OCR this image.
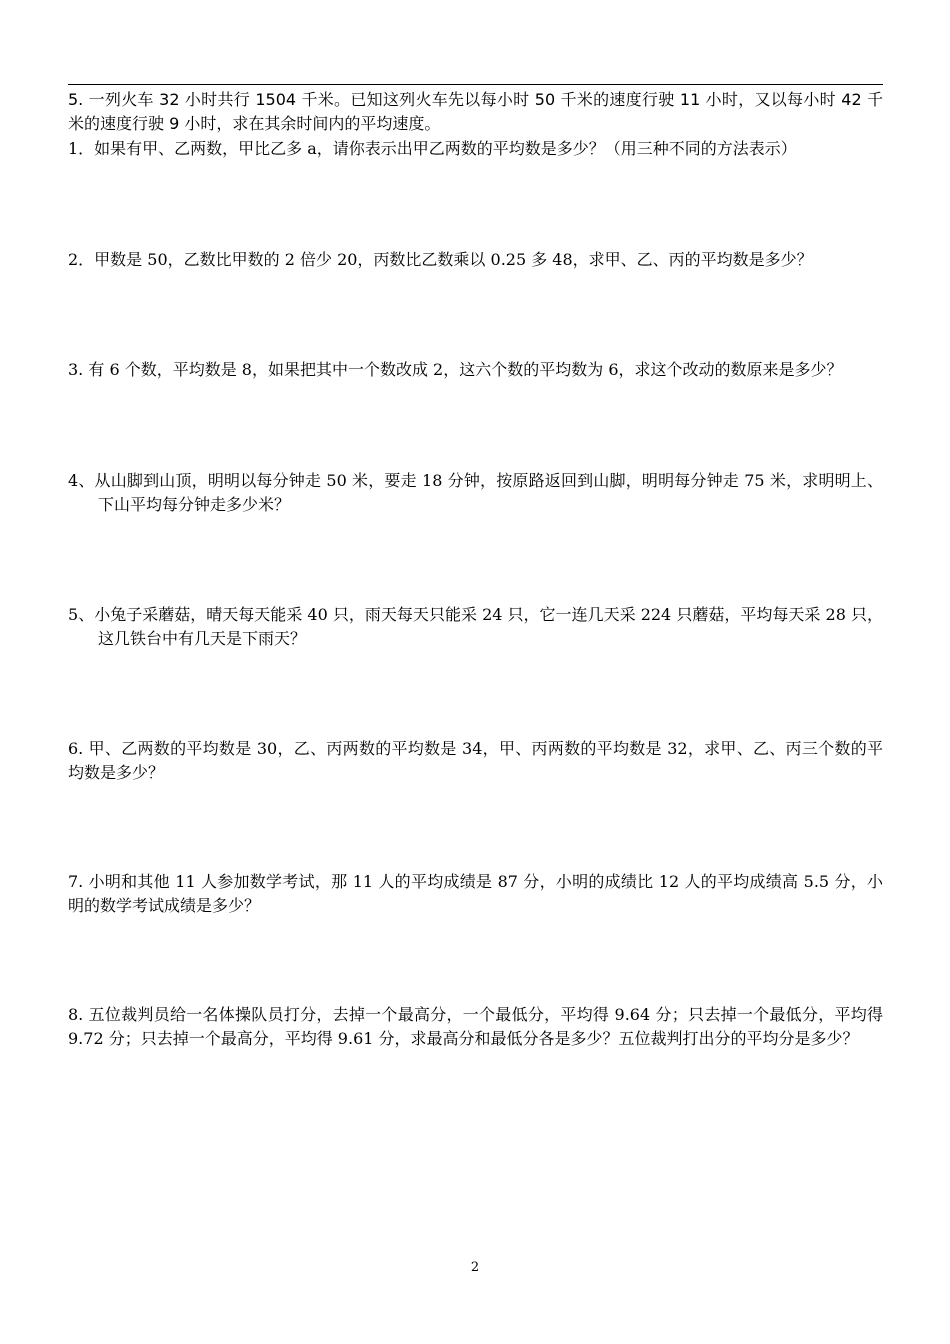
5. 一列火车 32 小时共行 1504 千米。已知这列火车先以每小时 50 千米的速度行驶 11 小时，又以每小时 42 千米的速度行驶 9 小时，求在其余时间内的平均速度。
1．如果有甲、乙两数，甲比乙多 a，请你表示出甲乙两数的平均数是多少？（用三种不同的方法表示）
2．甲数是 50，乙数比甲数的 2 倍少 20，丙数比乙数乘以 0.25 多 48，求甲、乙、丙的平均数是多少？
3. 有 6 个数，平均数是 8，如果把其中一个数改成 2，这六个数的平均数为 6，求这个改动的数原来是多少？
4、从山脚到山顶，明明以每分钟走 50 米，要走 18 分钟，按原路返回到山脚，明明每分钟走 75 米，求明明上、下山平均每分钟走多少米？
5、小兔子采蘑菇，晴天每天能采 40 只，雨天每天只能采 24 只，它一连几天采 224 只蘑菇，平均每天采 28 只，这几铁台中有几天是下雨天？
6. 甲、乙两数的平均数是 30，乙、丙两数的平均数是 34，甲、丙两数的平均数是 32，求甲、乙、丙三个数的平均数是多少？
7. 小明和其他 11 人参加数学考试，那 11 人的平均成绩是 87 分，小明的成绩比 12 人的平均成绩高 5.5 分，小明的数学考试成绩是多少？
8. 五位裁判员给一名体操队员打分，去掉一个最高分，一个最低分，平均得 9.64 分；只去掉一个最低分，平均得 9.72 分；只去掉一个最高分，平均得 9.61 分，求最高分和最低分各是多少？五位裁判打出分的平均分是多少？
2
